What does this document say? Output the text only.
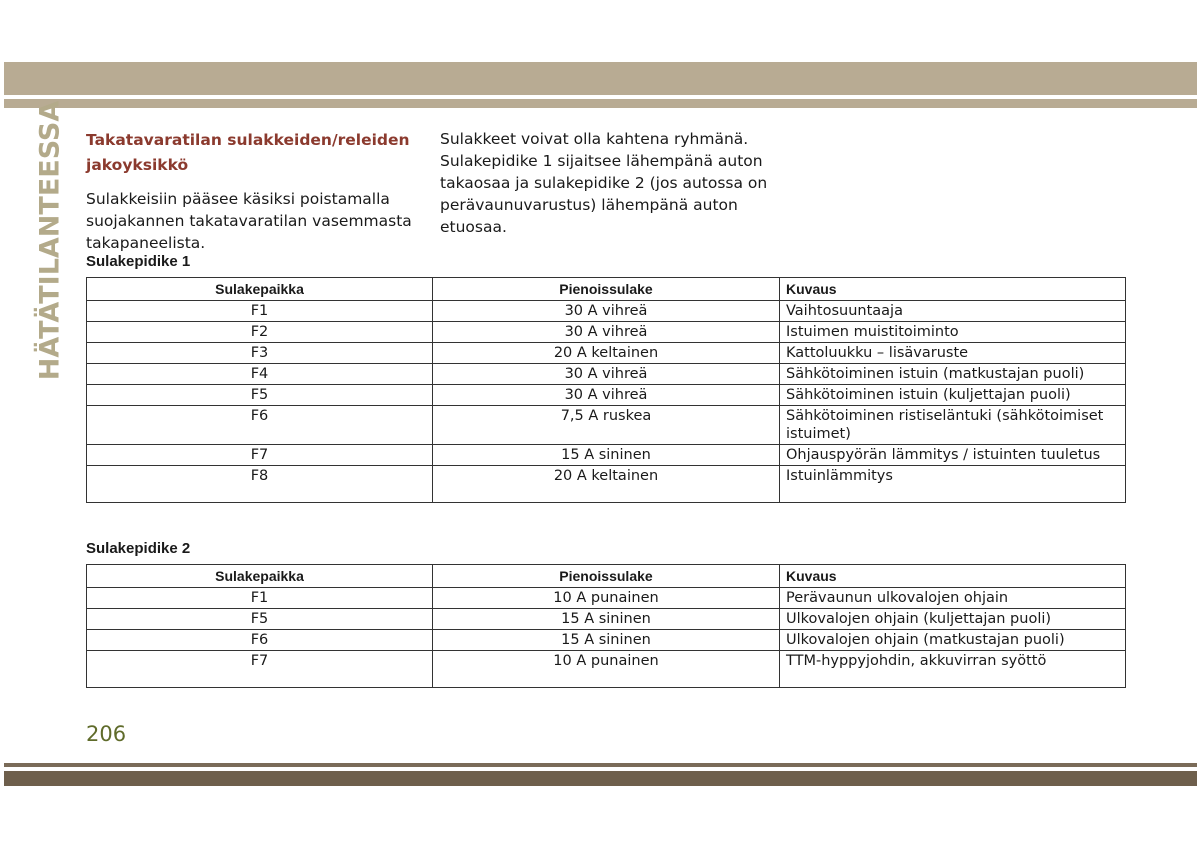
HÄTÄTILANTEESSA Takatavaratilan sulakkeiden/releiden jakoyksikkö

Sulakkeisiin pääsee käsiksi poistamalla suojakannen takatavaratilan vasemmasta takapaneelista.

Sulakkeet voivat olla kahtena ryhmänä. Sulakepidike 1 sijaitsee lähempänä auton takaosaa ja sulakepidike 2 (jos autossa on perävaunuvarustus) lähempänä auton etuosaa.

Sulakepidike 1
Sulakepaikka	Pienoissulake	Kuvaus
F1	30 A vihreä	Vaihtosuuntaaja
F2	30 A vihreä	Istuimen muistitoiminto
F3	20 A keltainen	Kattoluukku – lisävaruste
F4	30 A vihreä	Sähkötoiminen istuin (matkustajan puoli)
F5	30 A vihreä	Sähkötoiminen istuin (kuljettajan puoli)
F6	7,5 A ruskea	Sähkötoiminen ristiseläntuki (sähkötoimiset istuimet)
F7	15 A sininen	Ohjauspyörän lämmitys / istuinten tuuletus
F8	20 A keltainen	Istuinlämmitys
Sulakepidike 2
Sulakepaikka	Pienoissulake	Kuvaus
F1	10 A punainen	Perävaunun ulkovalojen ohjain
F5	15 A sininen	Ulkovalojen ohjain (kuljettajan puoli)
F6	15 A sininen	Ulkovalojen ohjain (matkustajan puoli)
F7	10 A punainen	TTM-hyppyjohdin, akkuvirran syöttö
206
